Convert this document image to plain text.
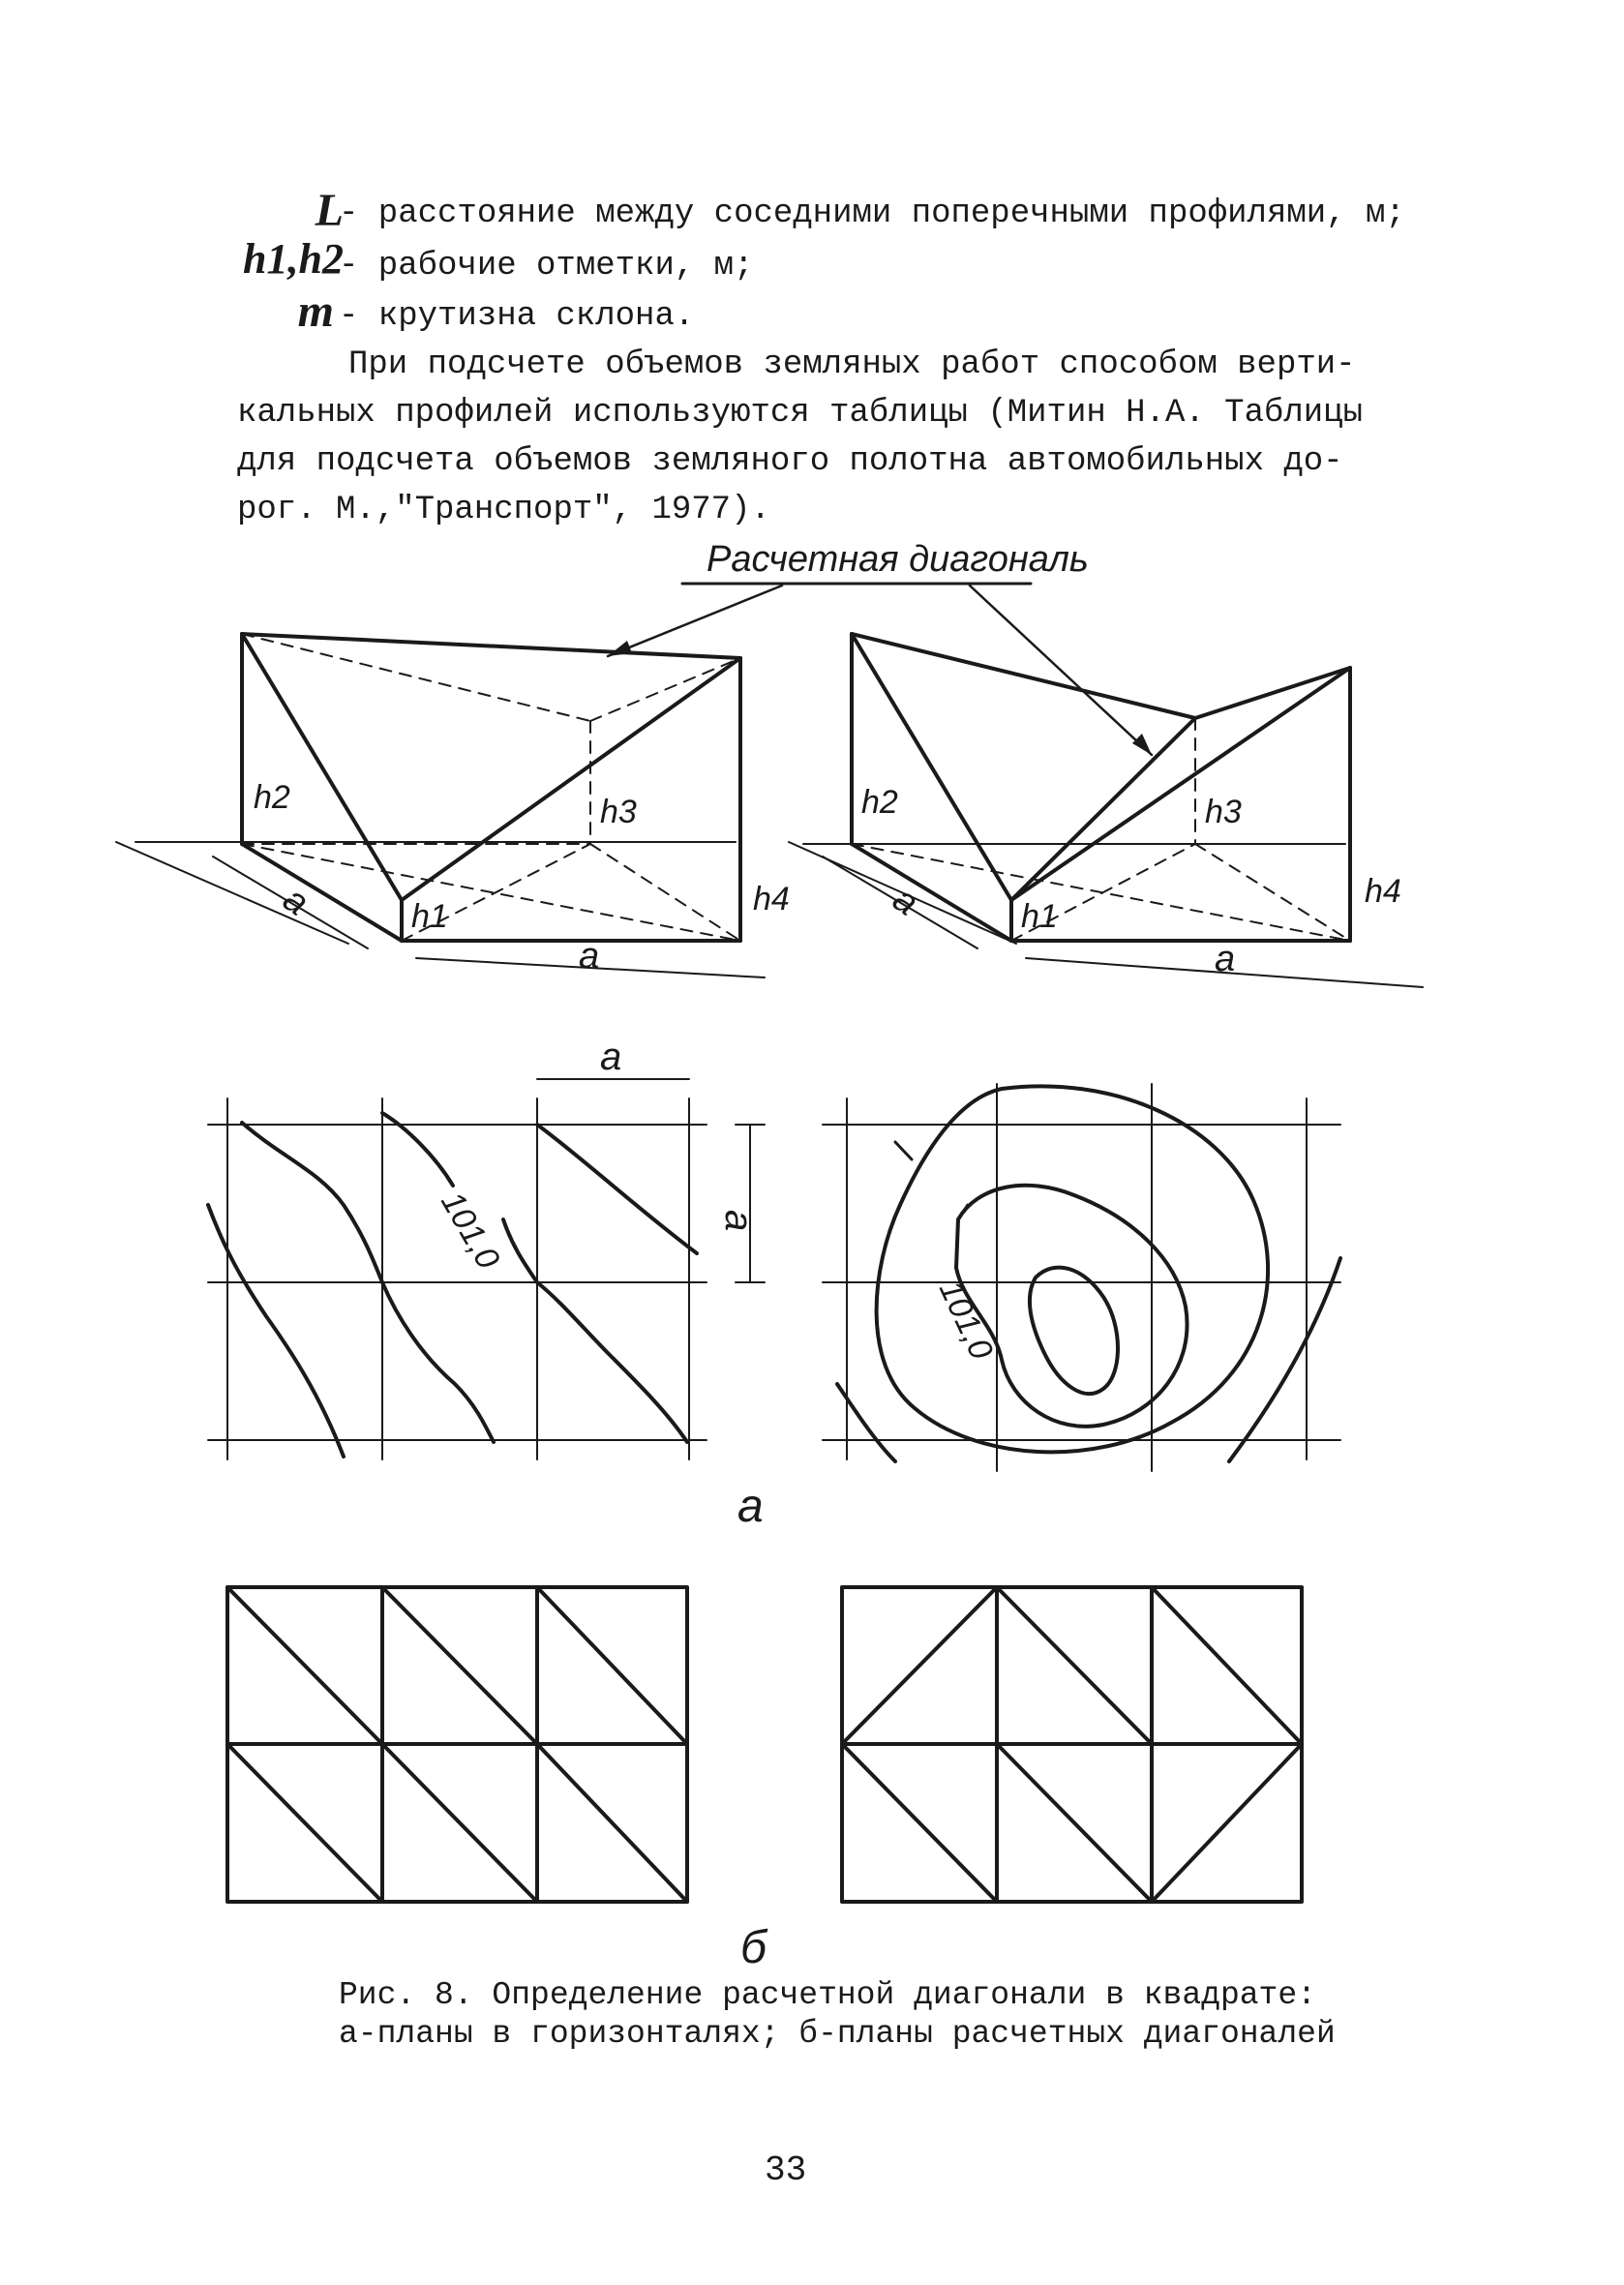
L
- расстояние между соседними поперечными профилями, м;
h1,h2
- рабочие отметки, м;
m - крутизна склона.
При подсчете объемов земляных работ способом верти-
кальных профилей используются таблицы (Митин Н.А. Таблицы
для подсчета объемов земляного полотна автомобильных до-
рог. М.,"Транспорт", 1977).
Расчетная диагональ
h2	h3
h1	h4
h2	h3
h1
h4
a
a
a
a
a
a
101,0
101,0
а
б
Рис. 8. Определение расчетной диагонали в квадрате:
а-планы в горизонталях; б-планы расчетных диагоналей
33
